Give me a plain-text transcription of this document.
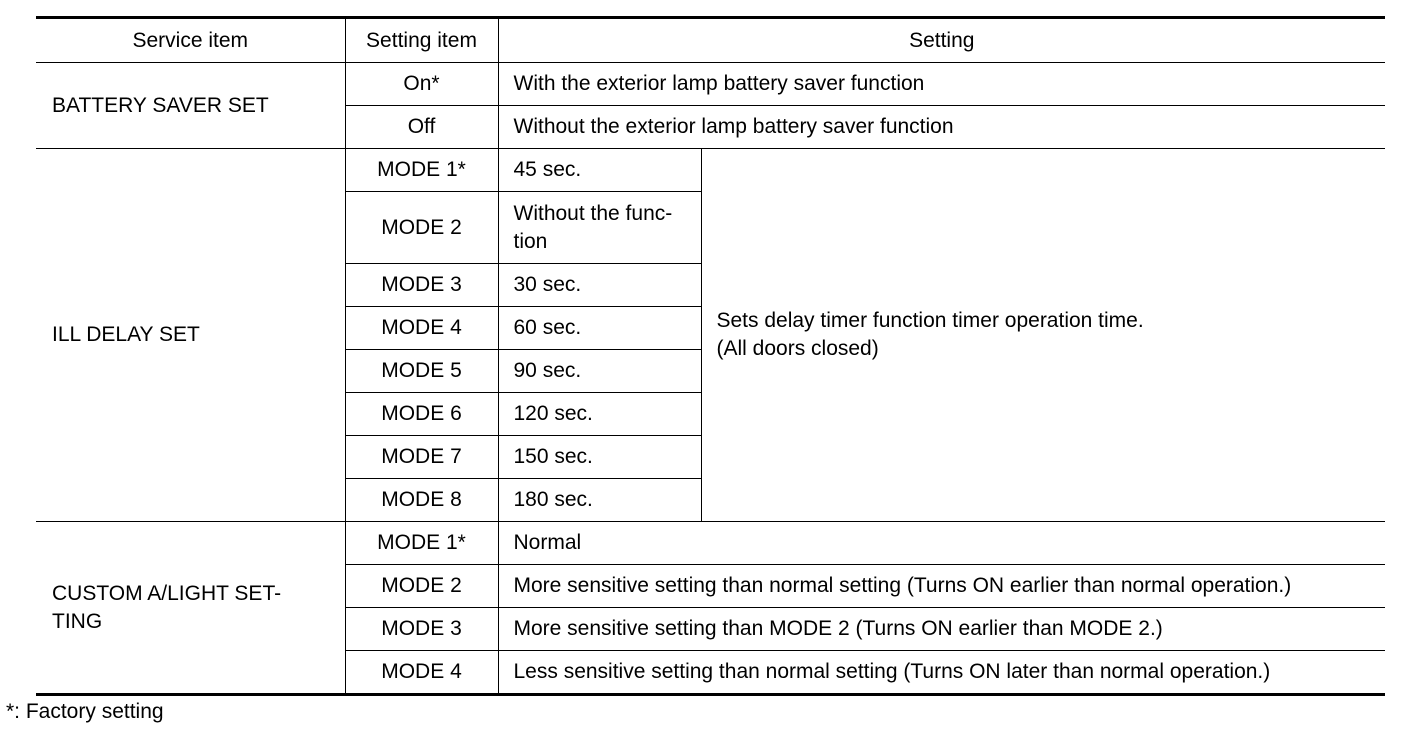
Service item	Setting item	Setting	
BATTERY SAVER SET	On*	With the exterior lamp battery saver function	
	Off	Without the exterior lamp battery saver function	
ILL DELAY SET	MODE 1*	45 sec.	Sets delay timer function timer operation time.
(All doors closed)

	MODE 2	Without the func-
tion	

	MODE 3	30 sec.	
	MODE 4	60 sec.	
	MODE 5	90 sec.	
	MODE 6	120 sec.	
	MODE 7	150 sec.	
	MODE 8	180 sec.	

CUSTOM A/LIGHT SET-
TING	MODE 1*	Normal	
	MODE 2	More sensitive setting than normal setting (Turns ON earlier than normal operation.)	
	MODE 3	More sensitive setting than MODE 2 (Turns ON earlier than MODE 2.)	
	MODE 4	Less sensitive setting than normal setting (Turns ON later than normal operation.)	
*: Factory setting
